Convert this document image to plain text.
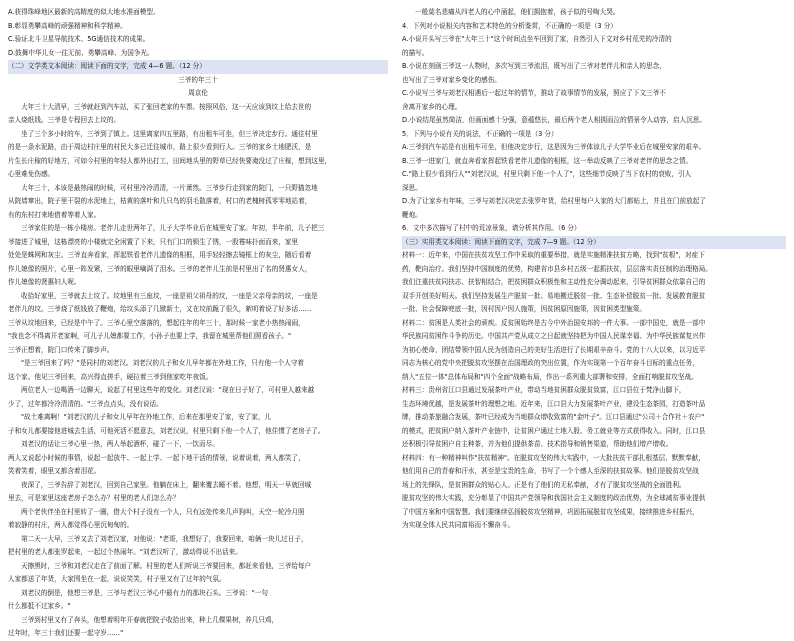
A.获得珠峰地区最新的高精度的似大地水准面模型。

B.彰显勇攀高峰的顽强精神和科学精神。

C.验证北斗卫星导航技术、5G通信技术的成果。

D.鼓舞中华儿女一往无前、勇攀高峰、为国争光。

（二）文学类文本阅读：阅读下面的文字，完成 4—6 题。（12 分）

三爷的年三十

周京伦

大年三十大清早，三爷就赶到汽车站，买了张回老家的车票。按照风俗，这一天应该到坟上给去世的

亲人烧纸钱。三爷是专程回去上坟的。

坐了三个多小时的车，三爷到了镇上。这里离家四五里路，有出租车可坐，但三爷决定步行。通往村里

的是一条水泥路，由于周边村庄里的村民大多已迁往城市，路上很少看到行人。三爷的家乡土地肥沃，是

片生长庄稼的好地方，可如今村里的年轻人都外出打工，田间地头里的野草已经快要淹没过了庄稼，想到这里，

心里难免伤感。

大年三十，本该是最热闹的时候，可村里冷冷清清，一片萧然。三爷步行走到家的院门，一只野猫忽地

从院墙窜出，院子里干裂的水泥地上，枯黄的落叶和几只鸟的羽毛散落着，村口的老槐树孤零零地站着，

有的东村打来地借着等着人家。

三爷家住的是一栋小楼房。老伴儿走世两年了，儿子大学毕业后在城里安了家。年初，半年前，儿子把三

爷接进了城里，这栋漂亮的小楼就完全闲置了下来，只有门口的锁生了锈，一股霉味扑面而来，家里

处处是蛛网和灰尘。三爷直奔看家，挥起铁看老伴儿遗像的相框，用手轻轻擦去镜框上的灰尘，随后看着

作儿媳像的照片，心里一阵发紧，三爷的眼里噙满了泪水。三爷的老伴儿生前是村里出了名的贤惠女人，

作儿媳像的贤惠妇人呢。

收拾好家里，三爷就去上坟了。坟地里有三座坟，一座是祖父祖母的坟，一座是父亲母亲的坟，一座是

老伴儿的坟。三爷烧了纸钱放了鞭炮，给坟头添了几锨新土，又在坟前跪了很久，絮叨着说了好多话……

三爷从坟地回来，已经是中午了。三爷心里空落落的，想起往年的年三十，那时候一家老小热热闹闹，

"我也念不得离开老家啊，可儿子儿媳都要工作，小孙子也要上学，我留在城里帮他们照看孩子。"

三爷正想着，院门口传来了脚步声。

"是三爷回来了吗？"是同村的刘老汉。刘老汉的儿子和女儿早年都在外地工作，只有他一个人守着

这个家。他见三爷回来，高兴得直搓手，硬拉着三爷到他家吃年夜饭。

两位老人一边喝酒一边聊天，说起了村里这些年的变化。刘老汉说："现在日子好了，可村里人越来越

少了，过年都冷冷清清的。"三爷点点头，没有说话。

"故土难离啊！"刘老汉的儿子和女儿早年在外地工作，后来在那里安了家，安了家，儿

子和女儿都要接他进城去生活，可他死活不愿意去，刘老汉说，村里只剩下他一个人了，他住惯了老房子了。

刘老汉的话让三爷心里一热，两人举起酒杯，碰了一下，一饮而尽。

两人又说起小时候的事情，说起一起放牛、一起上学、一起下地干活的情景，说着说着，两人都笑了，

笑着笑着，眼里又都含着泪花。

夜深了，三爷告辞了刘老汉，回到自己家里。他躺在床上，翻来覆去睡不着。他想，明天一早就回城

里去，可是家里这座老房子怎么办？村里的老人们怎么办？

两个老伙伴坐在村里转了一圈，借大个村子没有一个人，只有远处传来几声狗叫，天空一轮冷月照

着寂静的村庄，两人都觉得心里沉甸甸的。

第二天一大早，三爷又去了刘老汉家，对他说："老哥，我想好了，我要回来，咱俩一块儿过日子，

把村里的老人都张罗起来，一起过个热闹年。"刘老汉听了，激动得说不出话来。

天擦黑时，三爷和刘老汉走在了前面了解。村里的老人们听说三爷要回来，都赶来看他，三爷给每户

人家都送了年货，大家围坐在一起，说说笑笑，村子里又有了过年的气氛。

刘老汉的倒是，他想三爷是，三爷与老汉三爷心中最有力的那块石头。三爷说："一句

什么都抵不过家乡。"

三爷到村里又有了奔头，他想着明年开春就把院子收拾出来，种上几棵果树，养几只鸡，

过年时，年三十我们还要一起守岁……"

一般莫名悲痛从四老人的心中涌起，他们拥抱着，孩子似的号啕大哭。

4．下列对小说相关内容和艺术特色的分析鉴赏，不正确的一项是（3 分）

A.小说开头写三爷在"大年三十"这个时间点坐车回到了家，自然引入下文对乡村荒芜的冷清的

的描写。

B.小说在刻画三爷这一人物时，多次写到三爷流泪，既写出了三爷对老伴儿和亲人的思念，

也写出了三爷对家乡变化的感伤。

C.小说写三爷与刘老汉相遇后一起过年的情节，推动了故事情节的发展，照应了下文三爷不

舍离开家乡的心理。

D.小说结尾虽然简洁，但画面感十分强，意蕴悠长，最后两个老人相拥而泣的情景令人动容，启人沉思。

5．下列与小说有关的说法，不正确的一项是（3 分）

A.三爷到汽车站是有出租车可坐，但他决定步行，这是因为三爷体谅儿子大学毕业后在城里安家的艰辛。

B.三爷一进家门，就直奔看家挥起铁看老伴儿遗像的相框，这一举动反映了三爷对老伴的思念之情。

C."路上很少看到行人""刘老汉说，村里只剩下他一个人了"，这些细节反映了当下农村的衰败，引人

深思。

D.为了让家乡有年味，三爷与刘老汉决定去张罗年货，给村里每户人家的大门都贴上，并且在门前放起了

鞭炮。

6．文中多次描写了村中的荒凉景象，请分析其作用。（6 分）

（三）实用类文本阅读：阅读下面的文字，完成 7—9 题。（12 分）

材料一：近年来，中国在扶贫攻坚工作中采取的重要举措，就是实施精准扶贫方略，找到"贫根"，对症下

药，靶向治疗。我们坚持中国制度的优势，构建省市县乡村五级一起抓扶贫，层层落实责任制的治理格局。

我们注重扶贫同扶志、扶智相结合，把贫困群众积极性和主动性充分调动起来，引导贫困群众依靠自己的

双手开创美好明天。我们坚持发展生产脱贫一批、易地搬迁脱贫一批、生态补偿脱贫一批、发展教育脱贫

一批、社会保障兜底一批，因村因户因人施策，因贫困原因施策，因贫困类型施策。

材料二：贫困是人类社会的顽疾。反贫困始终是古今中外治国安邦的一件大事。一部中国史，就是一部中

华民族同贫困作斗争的历史。中国共产党从成立之日起就坚持把为中国人民谋幸福、为中华民族谋复兴作

为初心使命，团结带领中国人民为创造自己的美好生活进行了长期艰辛奋斗。党的十八大以来，以习近平

同志为核心的党中央把脱贫攻坚摆在治国理政的突出位置，作为实现第一个百年奋斗目标的重点任务，

纳入"五位一体"总体布局和"四个全面"战略布局，作出一系列重大部署和安排，全面打响脱贫攻坚战。

材料三：贵州省江口县通过发展茶叶产业，带动当地贫困群众脱贫致富，江口县位于梵净山脚下，

生态环境优越，是发展茶叶的理想之地。近年来，江口县大力发展茶叶产业，建设生态茶园，打造茶叶品

牌，推动茶旅融合发展，茶叶已经成为当地群众增收致富的"金叶子"。江口县通过"公司＋合作社＋农户"

的模式，把贫困户纳入茶叶产业链中，让贫困户通过土地入股、务工就业等方式获得收入。同时，江口县

还积极引导贫困户自主种茶，并为他们提供茶苗、技术指导和销售渠道，帮助他们增产增收。

材料四：有一种精神叫作"扶贫精神"。在脱贫攻坚的伟大实践中，一大批扶贫干部扎根基层、默默奉献，

他们用自己的青春和汗水，甚至是宝贵的生命，书写了一个个感人至深的扶贫故事。他们是脱贫攻坚战

场上的先锋队，是贫困群众的贴心人。正是有了他们的无私奉献，才有了脱贫攻坚战的全面胜利。

脱贫攻坚的伟大实践，充分彰显了中国共产党领导和我国社会主义制度的政治优势，为全球减贫事业提供

了中国方案和中国智慧。我们要继续弘扬脱贫攻坚精神，巩固拓展脱贫攻坚成果，接续推进乡村振兴，

为实现全体人民共同富裕而不懈奋斗。
